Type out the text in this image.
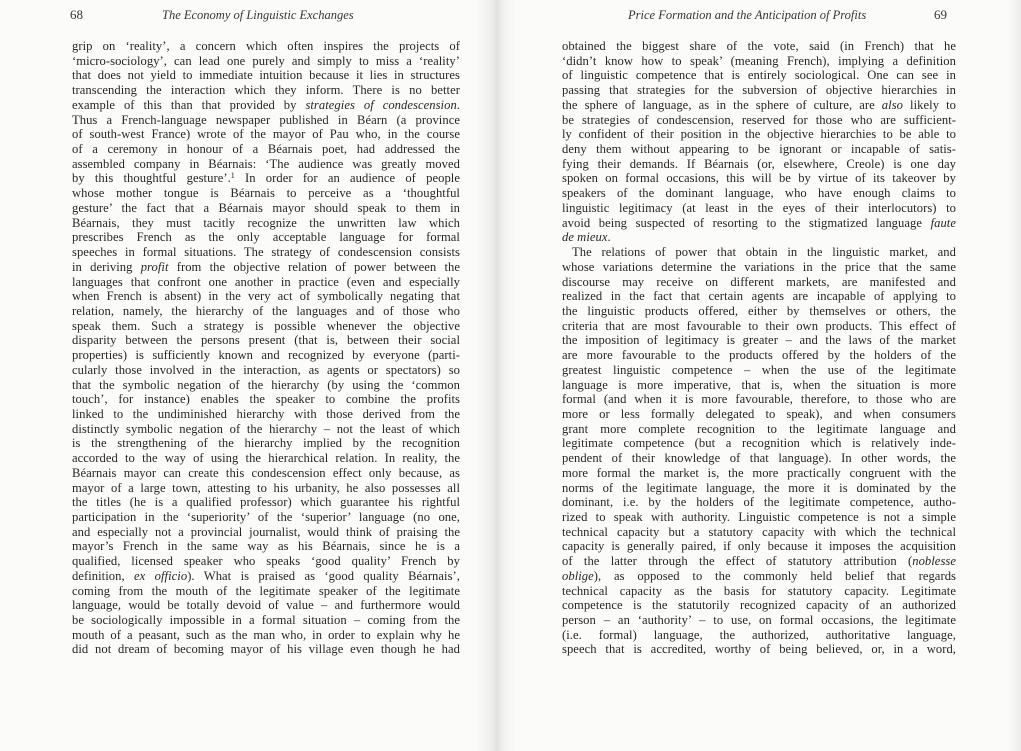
68	The Economy of Linguistic Exchanges
grip on ‘reality’, a concern which often inspires the projects of
‘micro-sociology’, can lead one purely and simply to miss a ‘reality’
that does not yield to immediate intuition because it lies in structures
transcending the interaction which they inform. There is no better
example of this than that provided by strategies of condescension.
Thus a French-language newspaper published in Béarn (a province
of south-west France) wrote of the mayor of Pau who, in the course
of a ceremony in honour of a Béarnais poet, had addressed the
assembled company in Béarnais: ‘The audience was greatly moved
by this thoughtful gesture’.$^1$ In order for an audience of people
whose mother tongue is Béarnais to perceive as a ‘thoughtful
gesture’ the fact that a Béarnais mayor should speak to them in
Béarnais, they must tacitly recognize the unwritten law which
prescribes French as the only acceptable language for formal
speeches in formal situations. The strategy of condescension consists
in deriving profit from the objective relation of power between the
languages that confront one another in practice (even and especially
when French is absent) in the very act of symbolically negating that
relation, namely, the hierarchy of the languages and of those who
speak them. Such a strategy is possible whenever the objective
disparity between the persons present (that is, between their social
properties) is sufficiently known and recognized by everyone (parti-
cularly those involved in the interaction, as agents or spectators) so
that the symbolic negation of the hierarchy (by using the ‘common
touch’, for instance) enables the speaker to combine the profits
linked to the undiminished hierarchy with those derived from the
distinctly symbolic negation of the hierarchy – not the least of which
is the strengthening of the hierarchy implied by the recognition
accorded to the way of using the hierarchical relation. In reality, the
Béarnais mayor can create this condescension effect only because, as
mayor of a large town, attesting to his urbanity, he also possesses all
the titles (he is a qualified professor) which guarantee his rightful
participation in the ‘superiority’ of the ‘superior’ language (no one,
and especially not a provincial journalist, would think of praising the
mayor’s French in the same way as his Béarnais, since he is a
qualified, licensed speaker who speaks ‘good quality’ French by
definition, ex officio). What is praised as ‘good quality Béarnais’,
coming from the mouth of the legitimate speaker of the legitimate
language, would be totally devoid of value – and furthermore would
be sociologically impossible in a formal situation – coming from the
mouth of a peasant, such as the man who, in order to explain why he
did not dream of becoming mayor of his village even though he had
Price Formation and the Anticipation of Profits	69
obtained the biggest share of the vote, said (in French) that he
‘didn’t know how to speak’ (meaning French), implying a definition
of linguistic competence that is entirely sociological. One can see in
passing that strategies for the subversion of objective hierarchies in
the sphere of language, as in the sphere of culture, are also likely to
be strategies of condescension, reserved for those who are sufficient-
ly confident of their position in the objective hierarchies to be able to
deny them without appearing to be ignorant or incapable of satis-
fying their demands. If Béarnais (or, elsewhere, Creole) is one day
spoken on formal occasions, this will be by virtue of its takeover by
speakers of the dominant language, who have enough claims to
linguistic legitimacy (at least in the eyes of their interlocutors) to
avoid being suspected of resorting to the stigmatized language faute
de mieux.
The relations of power that obtain in the linguistic market, and
whose variations determine the variations in the price that the same
discourse may receive on different markets, are manifested and
realized in the fact that certain agents are incapable of applying to
the linguistic products offered, either by themselves or others, the
criteria that are most favourable to their own products. This effect of
the imposition of legitimacy is greater – and the laws of the market
are more favourable to the products offered by the holders of the
greatest linguistic competence – when the use of the legitimate
language is more imperative, that is, when the situation is more
formal (and when it is more favourable, therefore, to those who are
more or less formally delegated to speak), and when consumers
grant more complete recognition to the legitimate language and
legitimate competence (but a recognition which is relatively inde-
pendent of their knowledge of that language). In other words, the
more formal the market is, the more practically congruent with the
norms of the legitimate language, the more it is dominated by the
dominant, i.e. by the holders of the legitimate competence, autho-
rized to speak with authority. Linguistic competence is not a simple
technical capacity but a statutory capacity with which the technical
capacity is generally paired, if only because it imposes the acquisition
of the latter through the effect of statutory attribution (noblesse
oblige), as opposed to the commonly held belief that regards
technical capacity as the basis for statutory capacity. Legitimate
competence is the statutorily recognized capacity of an authorized
person – an ‘authority’ – to use, on formal occasions, the legitimate
(i.e. formal) language, the authorized, authoritative language,
speech that is accredited, worthy of being believed, or, in a word,
